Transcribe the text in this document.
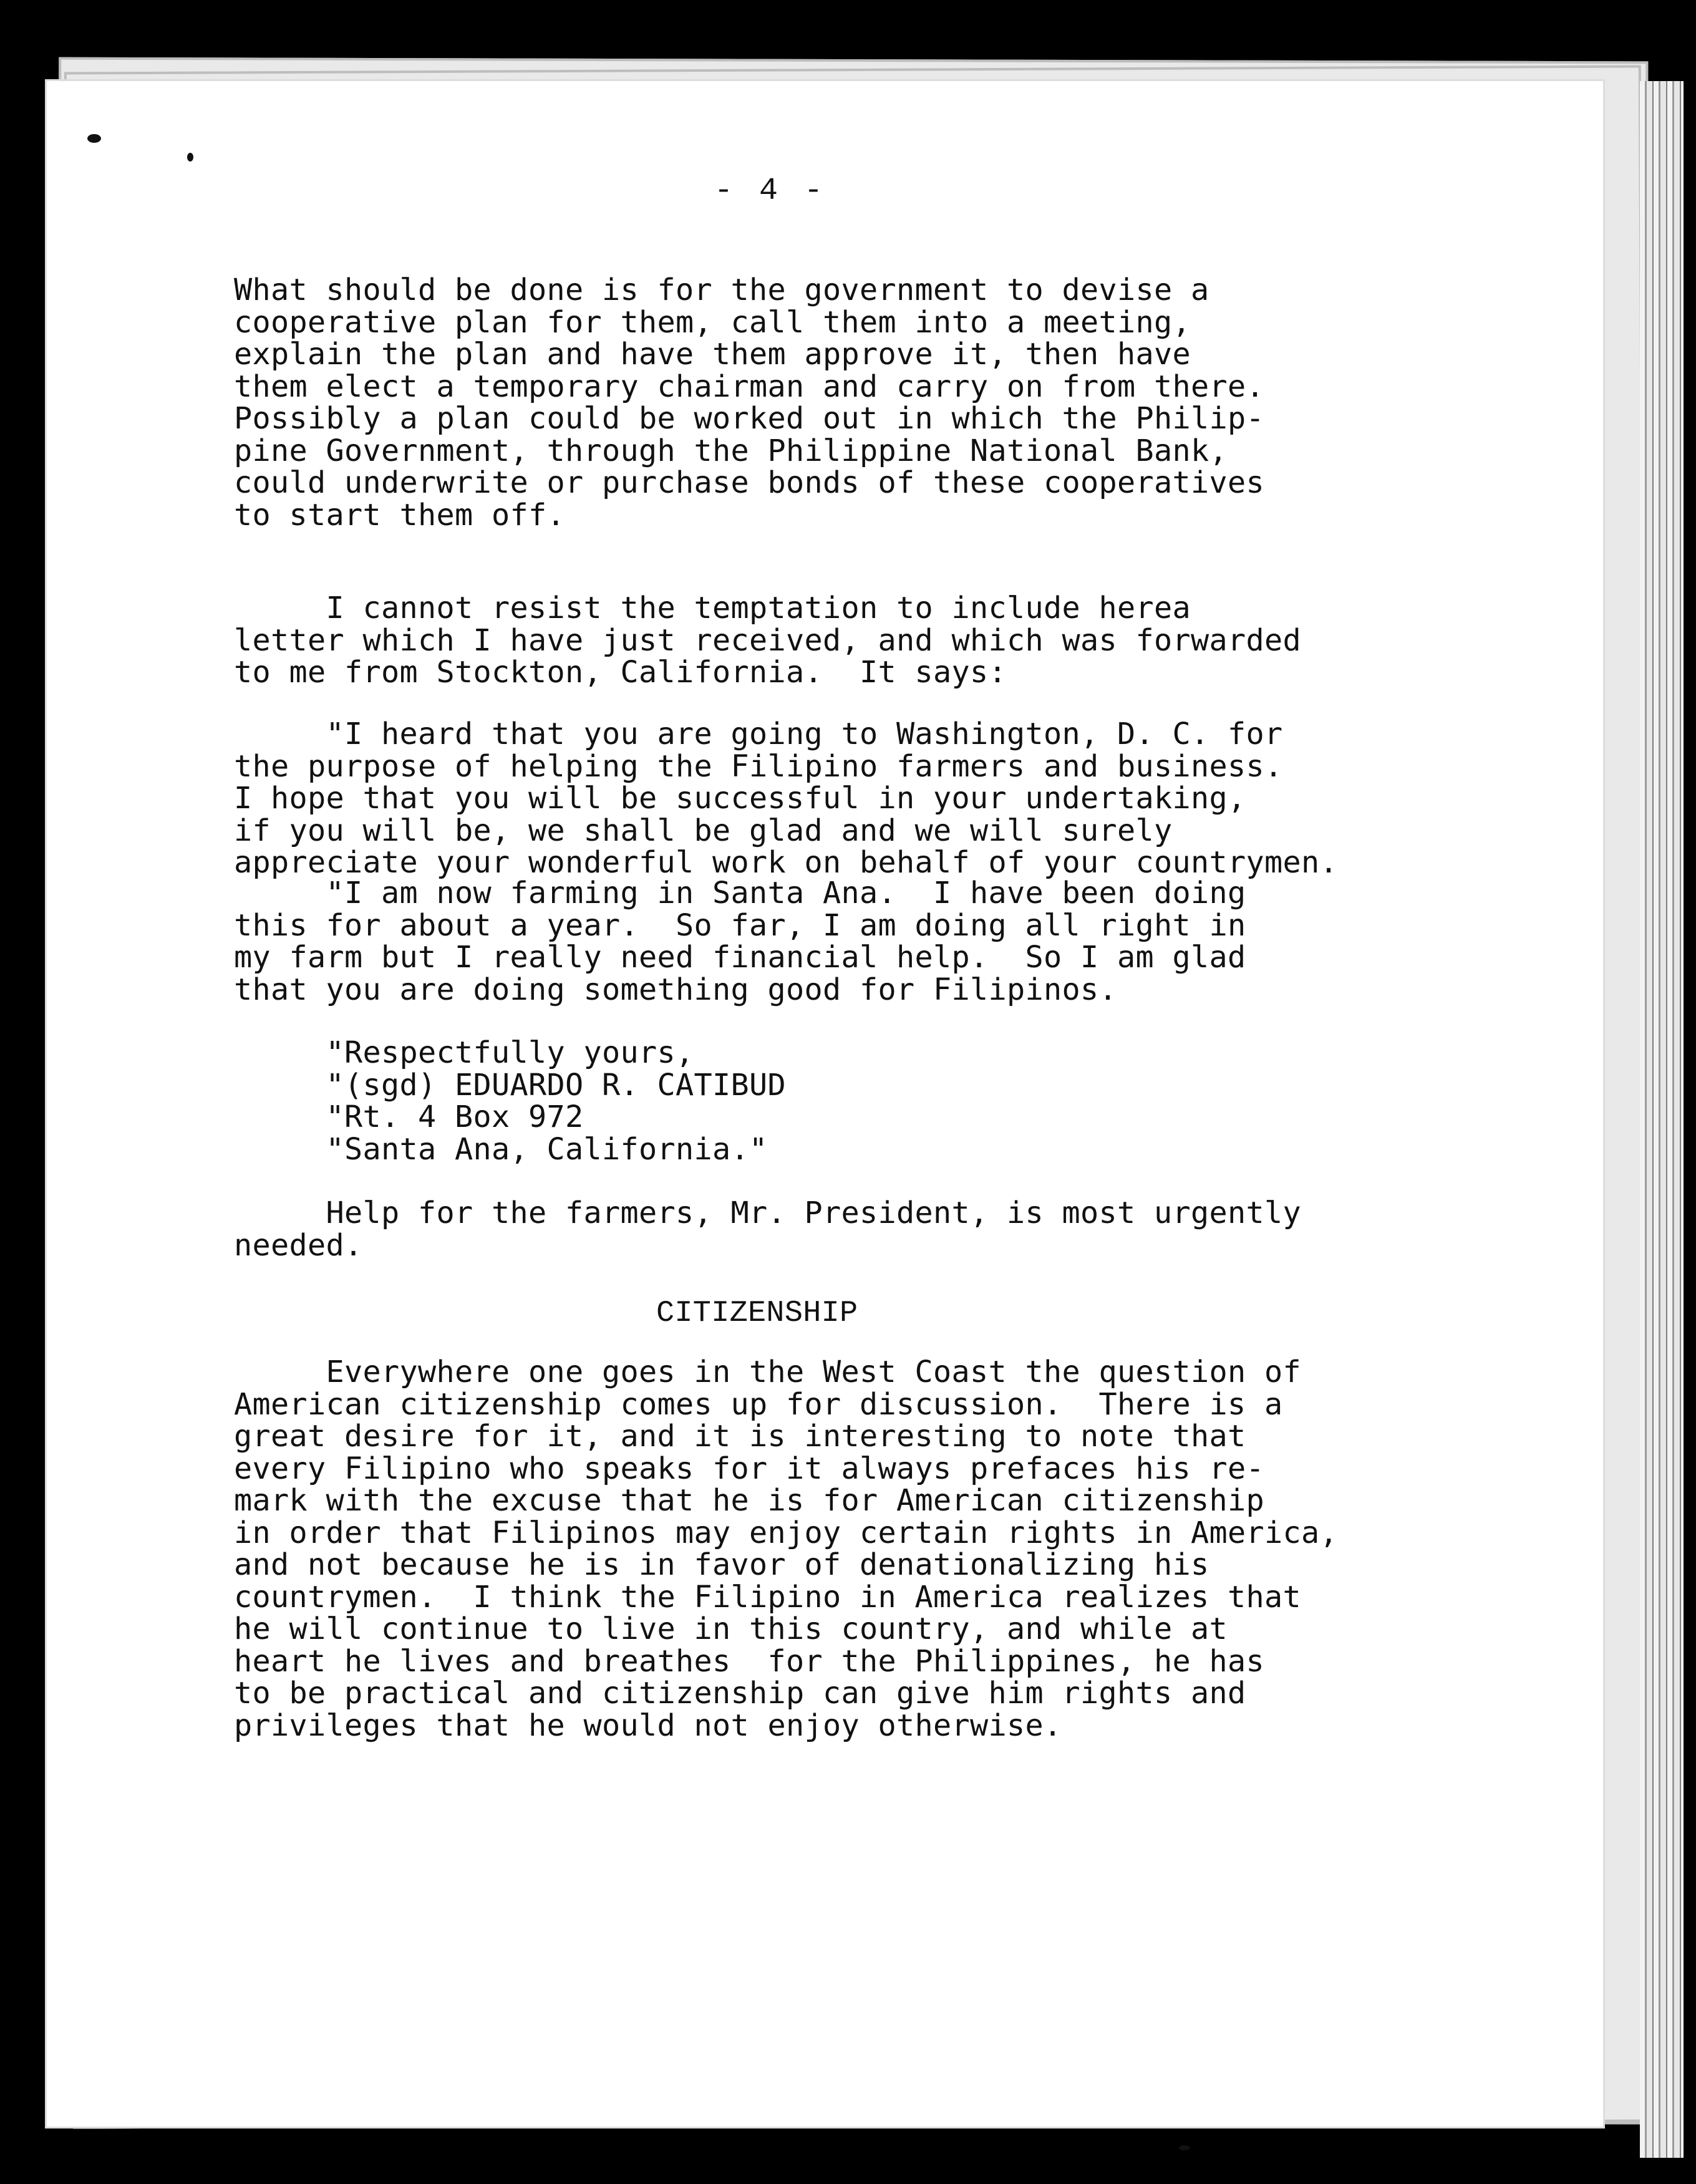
- 4 -
What should be done is for the government to devise a
cooperative plan for them, call them into a meeting,
explain the plan and have them approve it, then have
them elect a temporary chairman and carry on from there.
Possibly a plan could be worked out in which the Philip-
pine Government, through the Philippine National Bank,
could underwrite or purchase bonds of these cooperatives
to start them off.
I cannot resist the temptation to include herea
letter which I have just received, and which was forwarded
to me from Stockton, California.  It says:
"I heard that you are going to Washington, D. C. for
the purpose of helping the Filipino farmers and business.
I hope that you will be successful in your undertaking,
if you will be, we shall be glad and we will surely
appreciate your wonderful work on behalf of your countrymen.
"I am now farming in Santa Ana.  I have been doing
this for about a year.  So far, I am doing all right in
my farm but I really need financial help.  So I am glad
that you are doing something good for Filipinos.
"Respectfully yours,
"(sgd) EDUARDO R. CATIBUD
"Rt. 4 Box 972
"Santa Ana, California."
Help for the farmers, Mr. President, is most urgently
needed.
CITIZENSHIP
Everywhere one goes in the West Coast the question of
American citizenship comes up for discussion.  There is a
great desire for it, and it is interesting to note that
every Filipino who speaks for it always prefaces his re-
mark with the excuse that he is for American citizenship
in order that Filipinos may enjoy certain rights in America,
and not because he is in favor of denationalizing his
countrymen.  I think the Filipino in America realizes that
he will continue to live in this country, and while at
heart he lives and breathes  for the Philippines, he has
to be practical and citizenship can give him rights and
privileges that he would not enjoy otherwise.
